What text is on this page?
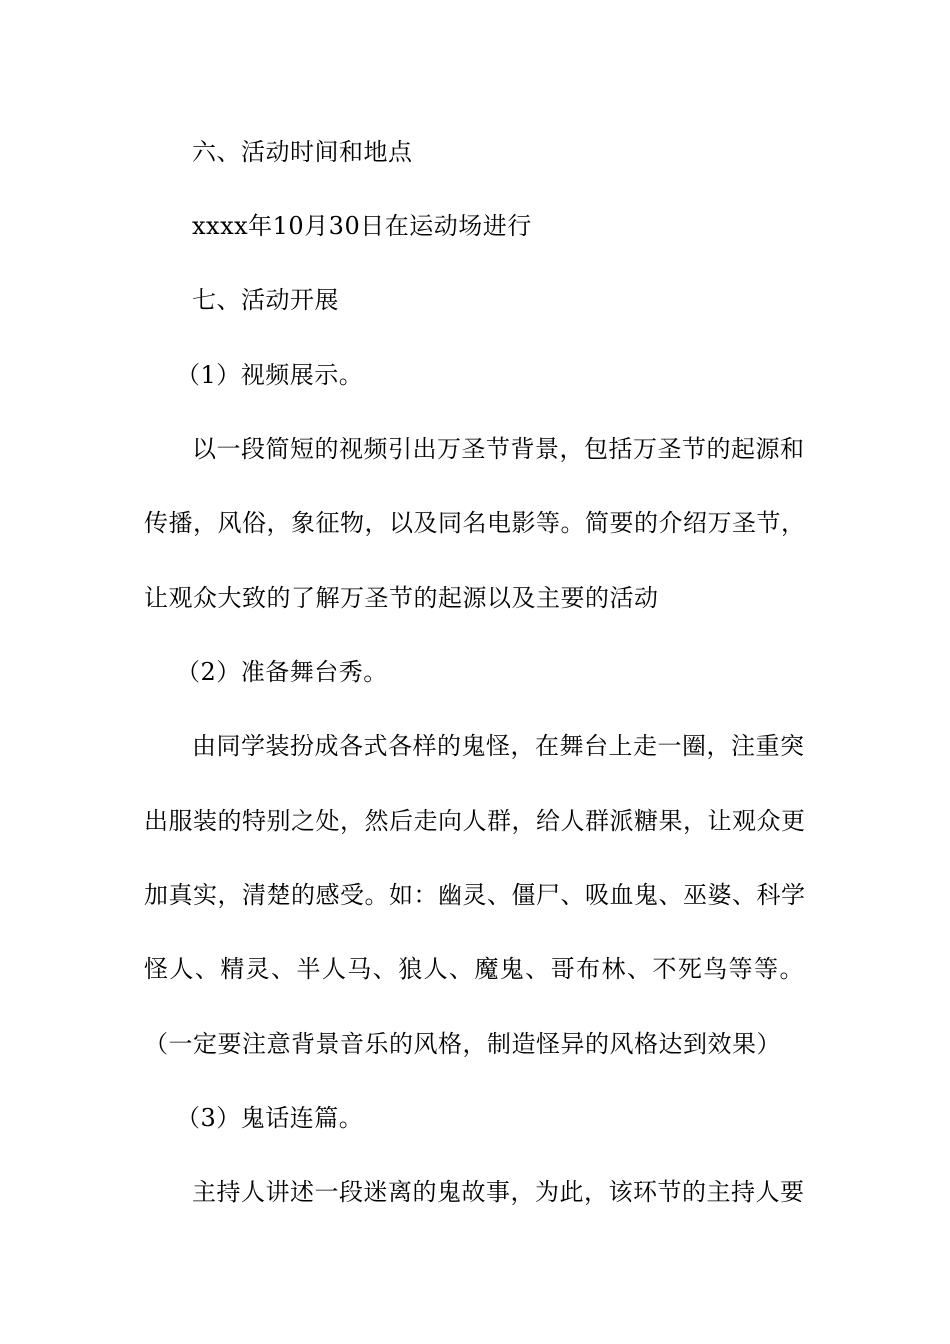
六、活动时间和地点
xxxx年10月30日在运动场进行
七、活动开展
（1）视频展示。
以一段简短的视频引出万圣节背景，包括万圣节的起源和
传播，风俗，象征物，以及同名电影等。简要的介绍万圣节，
让观众大致的了解万圣节的起源以及主要的活动
（2）准备舞台秀。
由同学装扮成各式各样的鬼怪，在舞台上走一圈，注重突
出服装的特别之处，然后走向人群，给人群派糖果，让观众更
加真实，清楚的感受。如：幽灵、僵尸、吸血鬼、巫婆、科学
怪人、精灵、半人马、狼人、魔鬼、哥布林、不死鸟等等。
（一定要注意背景音乐的风格，制造怪异的风格达到效果）
（3）鬼话连篇。
主持人讲述一段迷离的鬼故事，为此，该环节的主持人要
